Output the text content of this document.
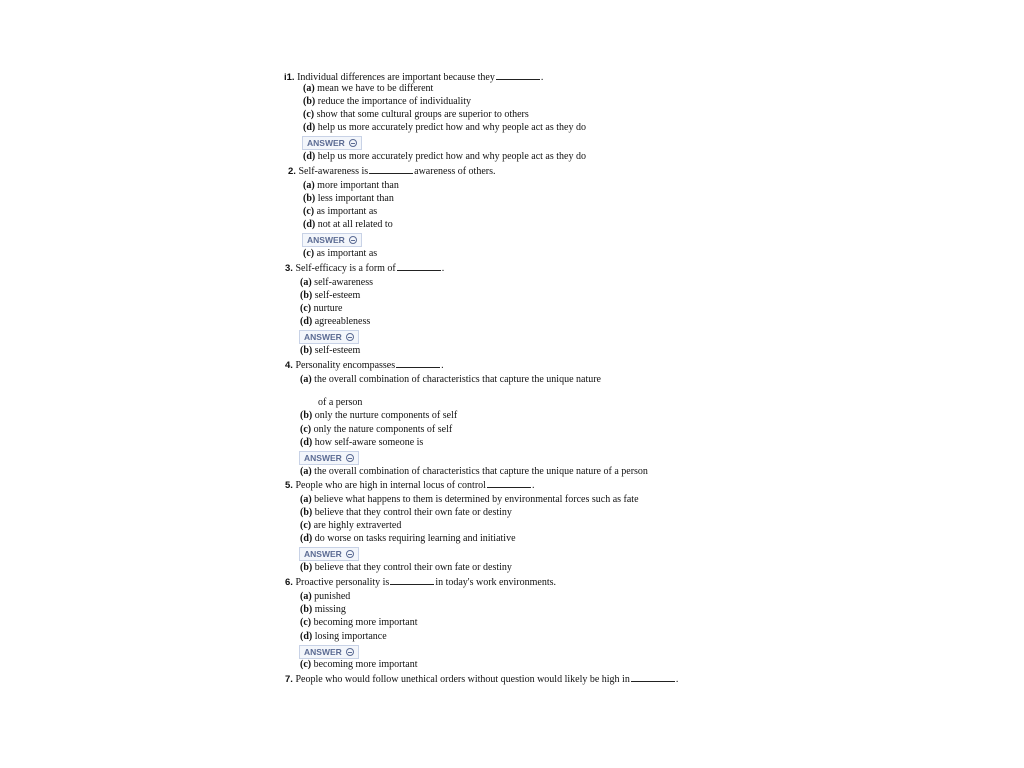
i1. Individual differences are important because they	.
(a) mean we have to be different
(b) reduce the importance of individuality
(c) show that some cultural groups are superior to others
(d) help us more accurately predict how and why people act as they do
ANSWER
(d) help us more accurately predict how and why people act as they do
2. Self-awareness is	awareness of others.
(a) more important than
(b) less important than
(c) as important as
(d) not at all related to
ANSWER
(c) as important as
3. Self-efficacy is a form of	.
(a) self-awareness
(b) self-esteem
(c) nurture
(d) agreeableness
ANSWER
(b) self-esteem
4. Personality encompasses	.
(a) the overall combination of characteristics that capture the unique nature
of a person
(b) only the nurture components of self
(c) only the nature components of self
(d) how self-aware someone is
ANSWER
(a) the overall combination of characteristics that capture the unique nature of a person
5. People who are high in internal locus of control	.
(a) believe what happens to them is determined by environmental forces such as fate
(b) believe that they control their own fate or destiny
(c) are highly extraverted
(d) do worse on tasks requiring learning and initiative
ANSWER
(b) believe that they control their own fate or destiny
6. Proactive personality is	in today's work environments.
(a) punished
(b) missing
(c) becoming more important
(d) losing importance
ANSWER
(c) becoming more important
7. People who would follow unethical orders without question would likely be high in	.
